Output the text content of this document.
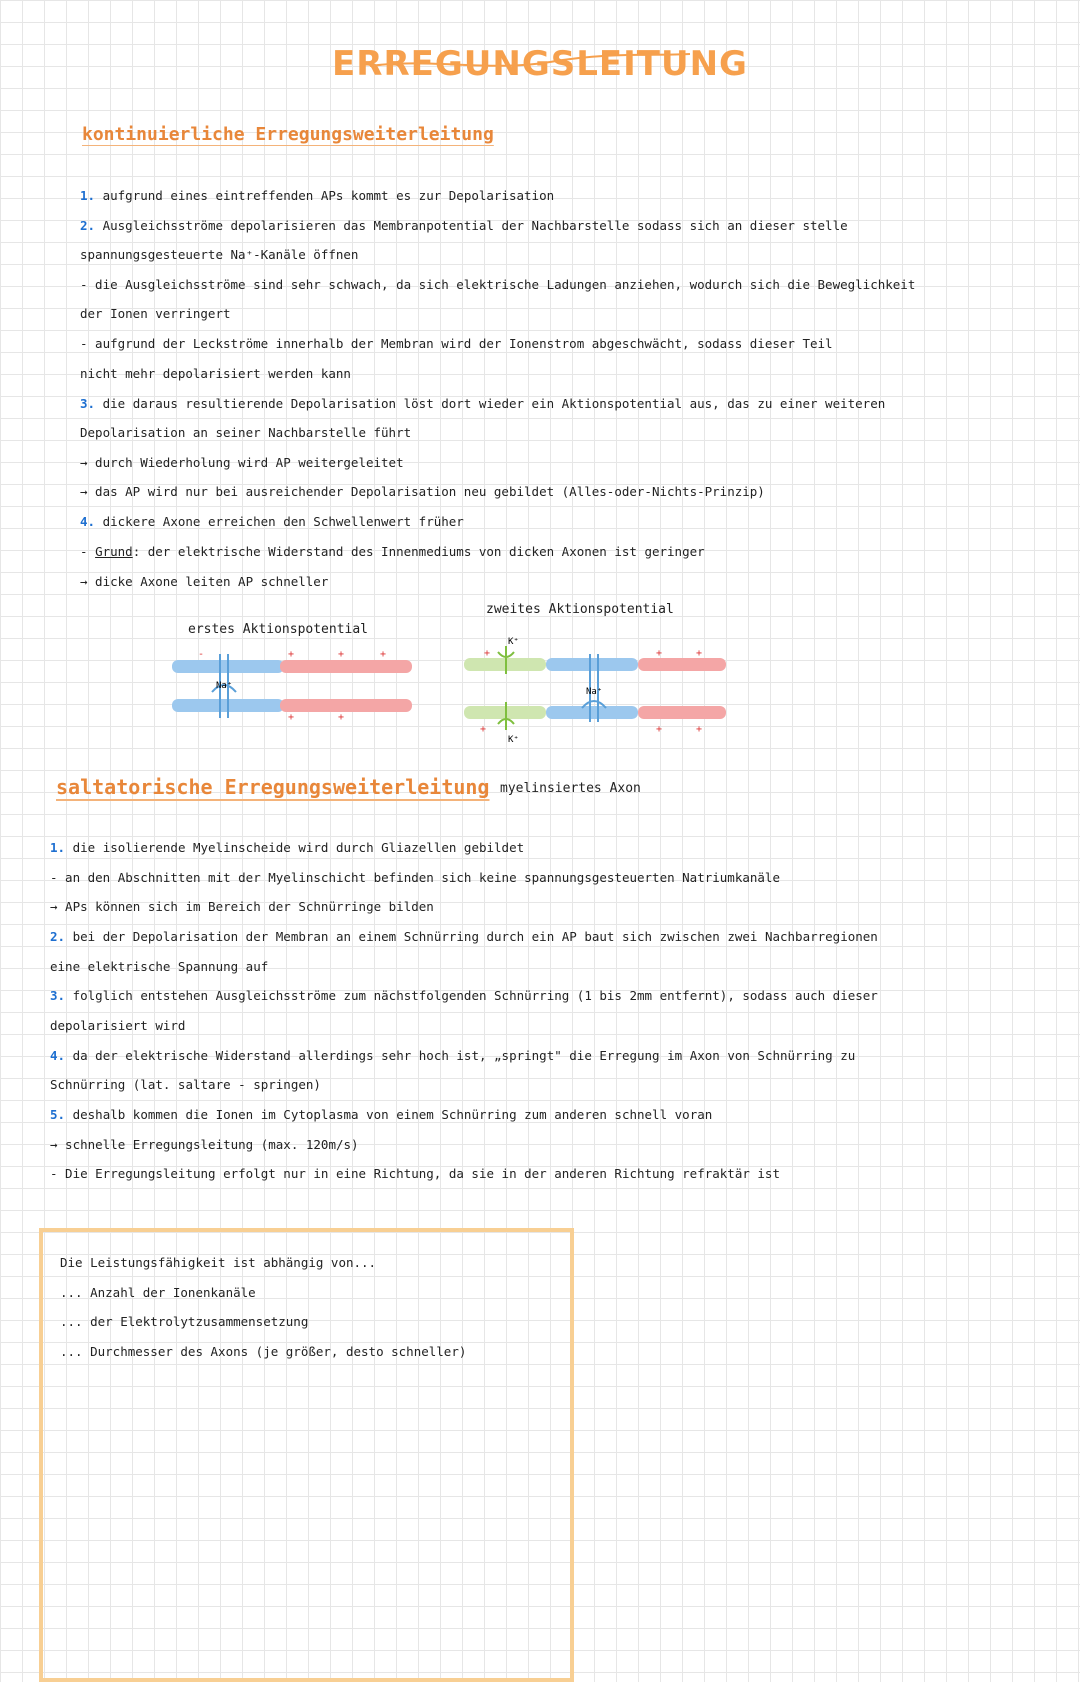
ERREGUNGSLEITUNG
kontinuierliche Erregungsweiterleitung
1. aufgrund eines eintreffenden APs kommt es zur Depolarisation
2. Ausgleichsströme depolarisieren das Membranpotential der Nachbarstelle sodass sich an dieser stelle
spannungsgesteuerte Na⁺-Kanäle öffnen
- die Ausgleichsströme sind sehr schwach, da sich elektrische Ladungen anziehen, wodurch sich die Beweglichkeit
der Ionen verringert
- aufgrund der Leckströme innerhalb der Membran wird der Ionenstrom abgeschwächt, sodass dieser Teil
nicht mehr depolarisiert werden kann
3. die daraus resultierende Depolarisation löst dort wieder ein Aktionspotential aus, das zu einer weiteren
Depolarisation an seiner Nachbarstelle führt
→ durch Wiederholung wird AP weitergeleitet
→ das AP wird nur bei ausreichender Depolarisation neu gebildet (Alles-oder-Nichts-Prinzip)
4. dickere Axone erreichen den Schwellenwert früher
- Grund: der elektrische Widerstand des Innenmediums von dicken Axonen ist geringer
→ dicke Axone leiten AP schneller
erstes Aktionspotential
zweites Aktionspotential
Na⁺
-	+	+	+
+	+
K⁺
K⁺
Na⁺
+	+	+
+	+	+
saltatorische Erregungsweiterleitung myelinsiertes Axon
1. die isolierende Myelinscheide wird durch Gliazellen gebildet
- an den Abschnitten mit der Myelinschicht befinden sich keine spannungsgesteuerten Natriumkanäle
→ APs können sich im Bereich der Schnürringe bilden
2. bei der Depolarisation der Membran an einem Schnürring durch ein AP baut sich zwischen zwei Nachbarregionen
eine elektrische Spannung auf
3. folglich entstehen Ausgleichsströme zum nächstfolgenden Schnürring (1 bis 2mm entfernt), sodass auch dieser
depolarisiert wird
4. da der elektrische Widerstand allerdings sehr hoch ist, „springt" die Erregung im Axon von Schnürring zu
Schnürring (lat. saltare - springen)
5. deshalb kommen die Ionen im Cytoplasma von einem Schnürring zum anderen schnell voran
→ schnelle Erregungsleitung (max. 120m/s)
- Die Erregungsleitung erfolgt nur in eine Richtung, da sie in der anderen Richtung refraktär ist
Die Leistungsfähigkeit ist abhängig von...
... Anzahl der Ionenkanäle
... der Elektrolytzusammensetzung
... Durchmesser des Axons (je größer, desto schneller)
